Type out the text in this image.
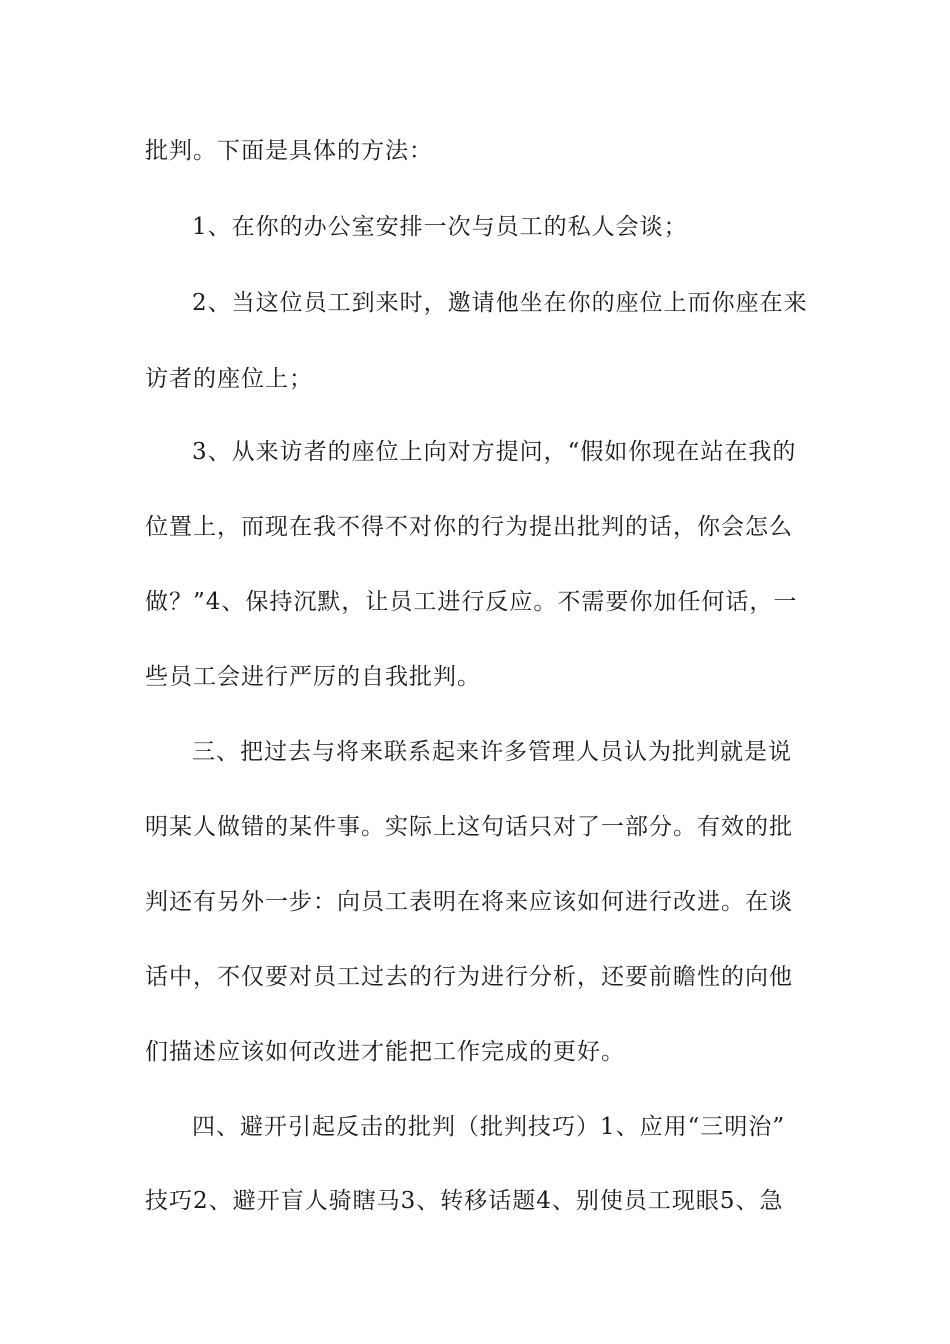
批判。下面是具体的方法：
1、在你的办公室安排一次与员工的私人会谈；
2、当这位员工到来时，邀请他坐在你的座位上而你座在来
访者的座位上；
3、从来访者的座位上向对方提问，“假如你现在站在我的
位置上，而现在我不得不对你的行为提出批判的话，你会怎么
做？”4、保持沉默，让员工进行反应。不需要你加任何话，一
些员工会进行严厉的自我批判。
三、把过去与将来联系起来许多管理人员认为批判就是说
明某人做错的某件事。实际上这句话只对了一部分。有效的批
判还有另外一步：向员工表明在将来应该如何进行改进。在谈
话中，不仅要对员工过去的行为进行分析，还要前瞻性的向他
们描述应该如何改进才能把工作完成的更好。
四、避开引起反击的批判（批判技巧）1、应用“三明治”
技巧2、避开盲人骑瞎马3、转移话题4、别使员工现眼5、急
